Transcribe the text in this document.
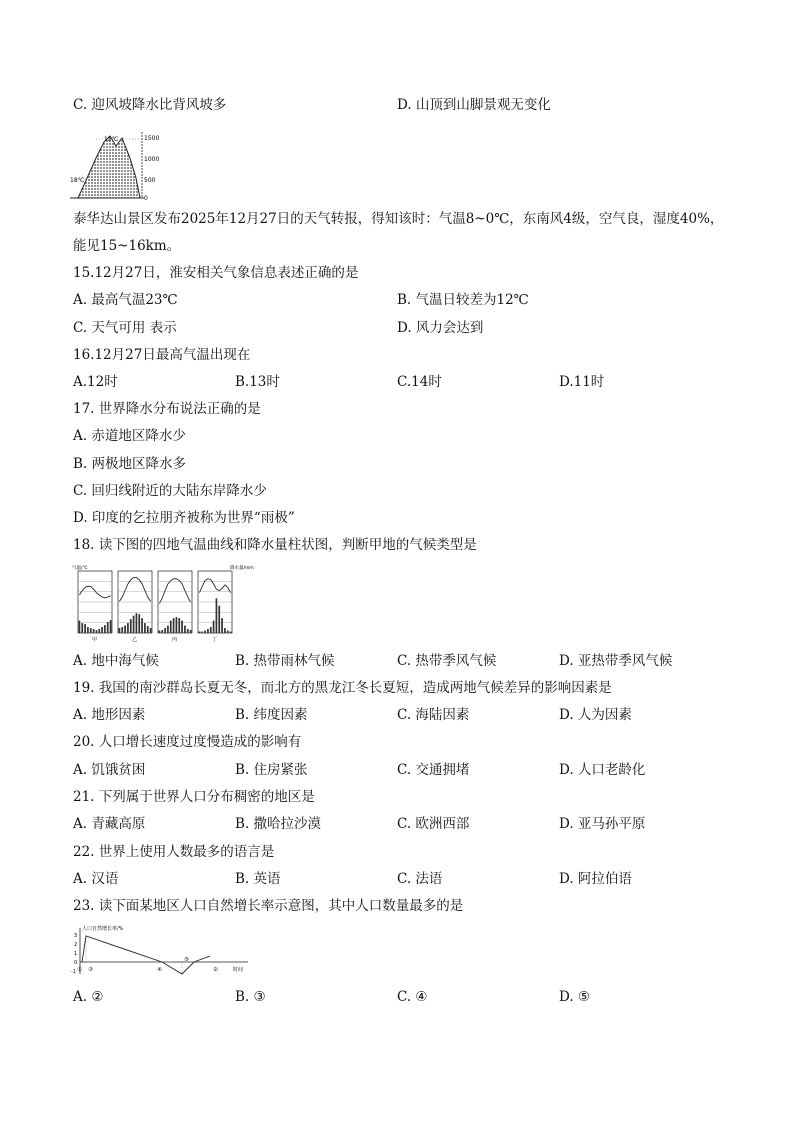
C. 迎风坡降水比背风坡多	D. 山顶到山脚景观无变化
12℃
18℃
1500
1000
500
0
泰华达山景区发布2025年12月27日的天气转报，得知该时：气温8~0℃，东南风4级，空气良，湿度40%，
能见15~16km。
15.12月27日，淮安相关气象信息表述正确的是
A. 最高气温23℃	B. 气温日较差为12℃
C. 天气可用 表示	D. 风力会达到
16.12月27日最高气温出现在
A.12时	B.13时	C.14时	D.11时
17. 世界降水分布说法正确的是
A. 赤道地区降水少
B. 两极地区降水多
C. 回归线附近的大陆东岸降水少
D. 印度的乞拉朋齐被称为世界“雨极”
18. 读下图的四地气温曲线和降水量柱状图，判断甲地的气候类型是
气温/℃	降水量/mm
甲	乙	丙	丁
A. 地中海气候	B. 热带雨林气候	C. 热带季风气候	D. 亚热带季风气候
19. 我国的南沙群岛长夏无冬，而北方的黑龙江冬长夏短，造成两地气候差异的影响因素是
A. 地形因素	B. 纬度因素	C. 海陆因素	D. 人为因素
20. 人口增长速度过度慢造成的影响有
A. 饥饿贫困	B. 住房紧张	C. 交通拥堵	D. 人口老龄化
21. 下列属于世界人口分布稠密的地区是
A. 青藏高原	B. 撒哈拉沙漠	C. 欧洲西部	D. 亚马孙平原
22. 世界上使用人数最多的语言是
A. 汉语	B. 英语	C. 法语	D. 阿拉伯语
23. 读下面某地区人口自然增长率示意图，其中人口数量最多的是
人口自然增长率/%
3
2
1
0
-1 ① ③	④
⑤
②	时间
A. ②	B. ③	C. ④	D. ⑤
